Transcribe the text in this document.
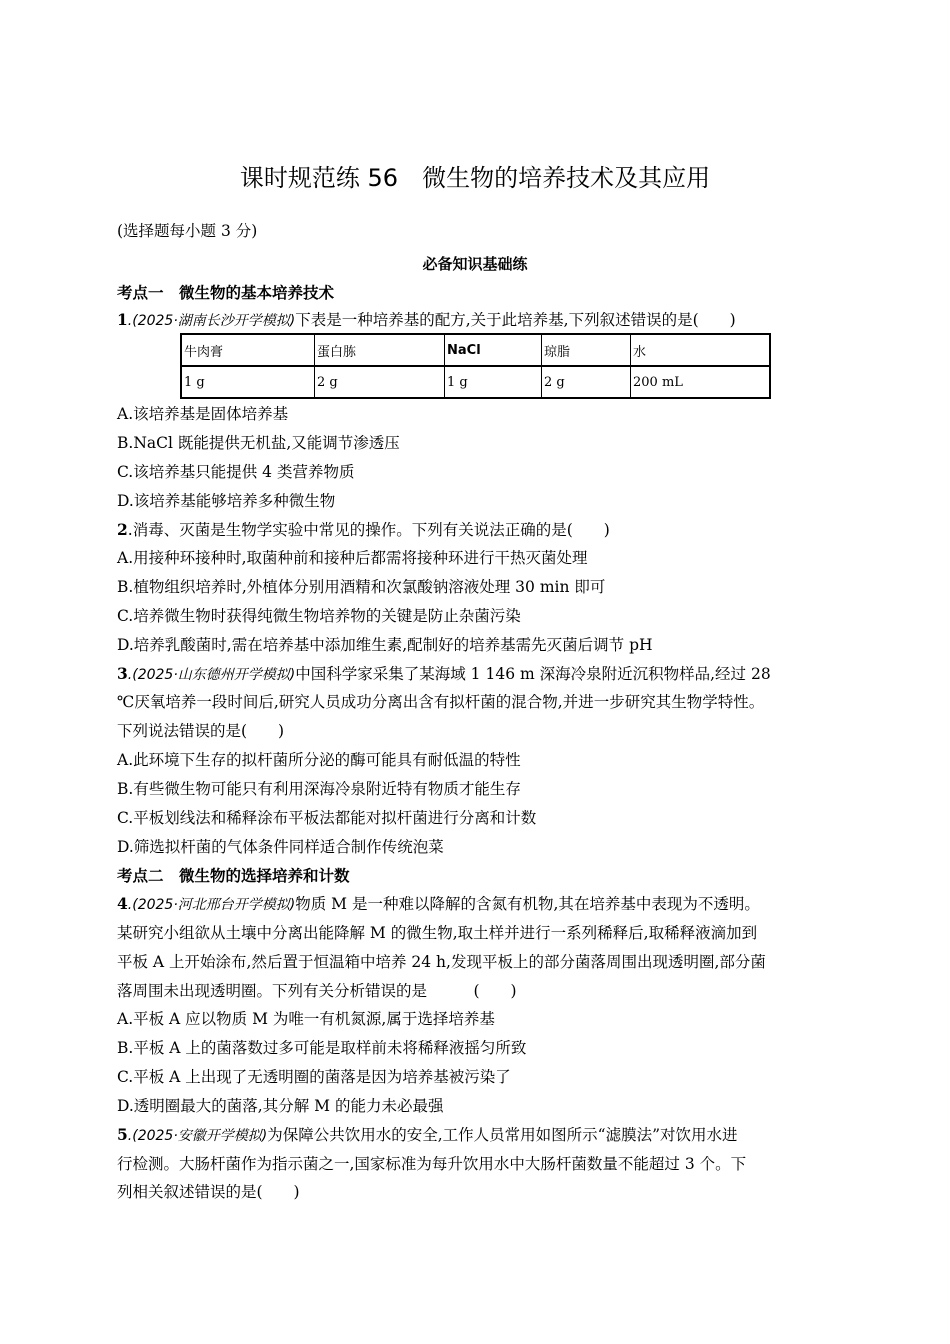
课时规范练 56　微生物的培养技术及其应用
(选择题每小题 3 分)
必备知识基础练
考点一　微生物的基本培养技术
1.(2025·湖南长沙开学模拟)下表是一种培养基的配方,关于此培养基,下列叙述错误的是(　　)
牛肉膏	蛋白胨	NaCl	琼脂	水
1 g	2 g	1 g	2 g	200 mL
A.该培养基是固体培养基
B.NaCl 既能提供无机盐,又能调节渗透压
C.该培养基只能提供 4 类营养物质
D.该培养基能够培养多种微生物
2.消毒、灭菌是生物学实验中常见的操作。下列有关说法正确的是(　　)
A.用接种环接种时,取菌种前和接种后都需将接种环进行干热灭菌处理
B.植物组织培养时,外植体分别用酒精和次氯酸钠溶液处理 30 min 即可
C.培养微生物时获得纯微生物培养物的关键是防止杂菌污染
D.培养乳酸菌时,需在培养基中添加维生素,配制好的培养基需先灭菌后调节 pH
3.(2025·山东德州开学模拟)中国科学家采集了某海域 1 146 m 深海冷泉附近沉积物样品,经过 28
℃厌氧培养一段时间后,研究人员成功分离出含有拟杆菌的混合物,并进一步研究其生物学特性。
下列说法错误的是(　　)
A.此环境下生存的拟杆菌所分泌的酶可能具有耐低温的特性
B.有些微生物可能只有利用深海冷泉附近特有物质才能生存
C.平板划线法和稀释涂布平板法都能对拟杆菌进行分离和计数
D.筛选拟杆菌的气体条件同样适合制作传统泡菜
考点二　微生物的选择培养和计数
4.(2025·河北邢台开学模拟)物质 M 是一种难以降解的含氮有机物,其在培养基中表现为不透明。
某研究小组欲从土壤中分离出能降解 M 的微生物,取土样并进行一系列稀释后,取稀释液滴加到
平板 A 上开始涂布,然后置于恒温箱中培养 24 h,发现平板上的部分菌落周围出现透明圈,部分菌
落周围未出现透明圈。下列有关分析错误的是　　　(　　)
A.平板 A 应以物质 M 为唯一有机氮源,属于选择培养基
B.平板 A 上的菌落数过多可能是取样前未将稀释液摇匀所致
C.平板 A 上出现了无透明圈的菌落是因为培养基被污染了
D.透明圈最大的菌落,其分解 M 的能力未必最强
5.(2025·安徽开学模拟)为保障公共饮用水的安全,工作人员常用如图所示“滤膜法”对饮用水进
行检测。大肠杆菌作为指示菌之一,国家标准为每升饮用水中大肠杆菌数量不能超过 3 个。下
列相关叙述错误的是(　　)
